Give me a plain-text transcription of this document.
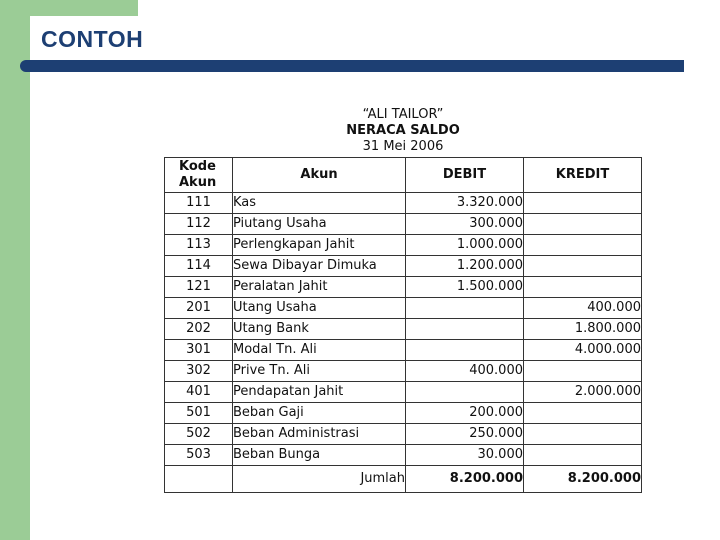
CONTOH
“ALI TAILOR”
NERACA SALDO
31 Mei 2006
Kode
Akun	Akun	DEBIT	KREDIT
111	Kas	3.320.000	
112	Piutang Usaha	300.000	
113	Perlengkapan Jahit	1.000.000	
114	Sewa Dibayar Dimuka	1.200.000	
121	Peralatan Jahit	1.500.000	
201	Utang Usaha		400.000
202	Utang Bank		1.800.000
301	Modal Tn. Ali		4.000.000
302	Prive Tn. Ali	400.000	
401	Pendapatan Jahit		2.000.000
501	Beban Gaji	200.000	
502	Beban Administrasi	250.000	
503	Beban Bunga	30.000	
	Jumlah	8.200.000	8.200.000
